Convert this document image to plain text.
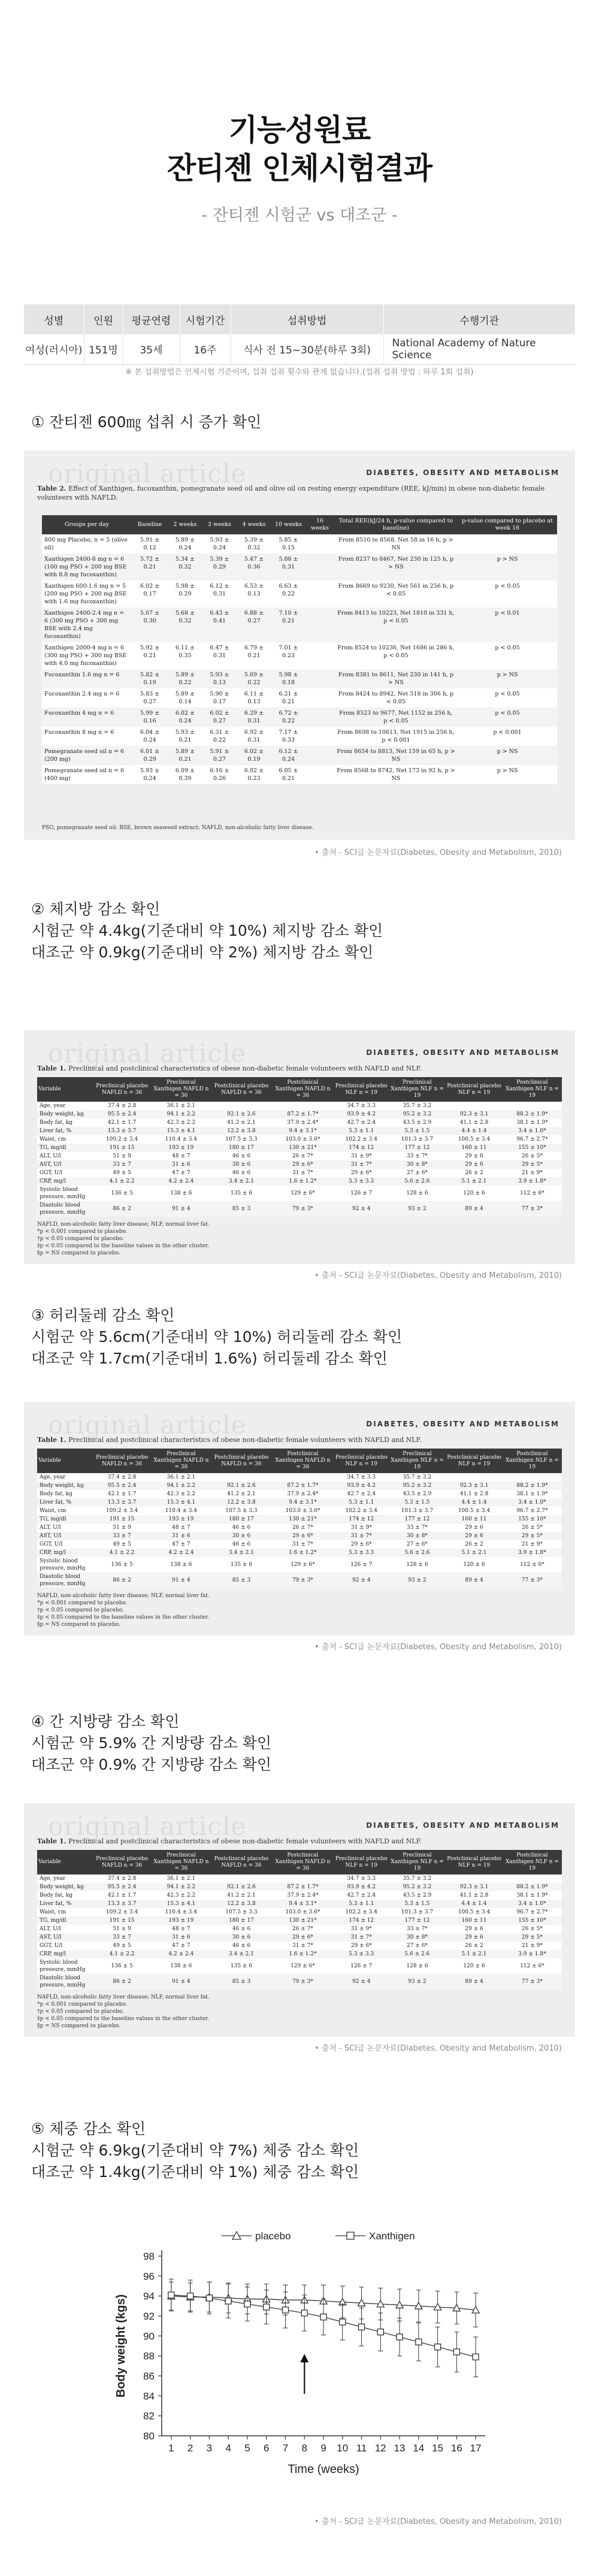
기능성원료
잔티젠 인체시험결과
- 잔티젠 시험군 vs 대조군 -
성별	인원	평균연령	시험기간	섭취방법	수행기관
여성(러시아)	151명	35세	16주	식사 전 15~30분(하루 3회)	National Academy of Nature Science
※ 본 섭취방법은 인체시험 기준이며, 섭취 섭취 횟수와 관계 없습니다.(섭취 섭취 방법 : 하루 1회 섭취)
① 잔티젠 600㎎ 섭취 시 증가 확인
original article	DIABETES, OBESITY AND METABOLISM
Table 2. Effect of Xanthigen, fucoxanthin, pomegranate seed oil and olive oil on resting energy expenditure (REE, kJ/min) in obese non-diabetic female volunteers with NAFLD.
Groups per day	Baseline	2 weeks	3 weeks	4 weeks	10 weeks	16 weeks	Total REE(kJ/24 h, p-value compared to baseline)	p-value compared to placebo at week 16
800 mg Placebo, n = 5 (olive oil)	5.91 ± 0.12	5.89 ± 0.24	5.93 ± 0.24	5.39 ± 0.32	5.85 ± 0.15		From 8510 to 8568, Net 58 in 16 h, p > NS	
Xanthigen 2400-8 mg n = 6 (100 mg PSO + 200 mg BSE with 8.8 mg fucoxanthin)	5.72 ± 0.21	5.34 ± 0.32	5.39 ± 0.29	5.47 ± 0.36	5.88 ± 0.31		From 8237 to 8467, Net 230 in 125 h, p > NS	p > NS
Xanthigen 600-1.6 mg n = 5 (200 mg PSO + 200 mg BSE with 1.6 mg fucoxanthin)	6.02 ± 0.17	5.98 ± 0.29	6.12 ± 0.31	6.53 ± 0.13	6.63 ± 0.22		From 8669 to 9230, Net 561 in 256 h, p < 0.05	p < 0.05
Xanthigen 2400-2.4 mg n = 6 (300 mg PSO + 300 mg BSE with 2.4 mg fucoxanthin)	5.67 ± 0.30	5.68 ± 0.32	6.43 ± 0.41	6.88 ± 0.27	7.10 ± 0.21		From 8413 to 10223, Net 1810 in 331 h, p < 0.05	p < 0.01
Xanthigen 2000-4 mg n = 6 (300 mg PSO + 300 mg BSE with 4.0 mg fucoxanthin)	5.92 ± 0.21	6.11 ± 0.35	6.47 ± 0.31	6.79 ± 0.21	7.01 ± 0.23		From 8524 to 10236, Net 1686 in 286 h, p < 0.05	p < 0.05
Fucoxanthin 1.6 mg n = 6	5.82 ± 0.19	5.89 ± 0.22	5.93 ± 0.13	5.69 ± 0.22	5.98 ± 0.18		From 8381 to 8611, Net 230 in 141 h, p > NS	p > NS
Fucoxanthin 2.4 mg n = 6	5.83 ± 0.27	5.89 ± 0.14	5.90 ± 0.17	6.11 ± 0.13	6.21 ± 0.21		From 8424 to 8942, Net 518 in 306 h, p < 0.05	p < 0.05
Fucoxanthin 4 mg n = 6	5.99 ± 0.16	6.02 ± 0.24	6.02 ± 0.27	6.29 ± 0.31	6.72 ± 0.22		From 8523 to 9677, Net 1152 in 256 h, p < 0.05	p < 0.05
Fucoxanthin 8 mg n = 6	6.04 ± 0.24	5.93 ± 0.21	6.31 ± 0.22	6.92 ± 0.31	7.17 ± 0.33		From 8698 to 10613, Net 1915 in 256 h, p < 0.001	p < 0.001
Pomegranate seed oil n = 6 (200 mg)	6.01 ± 0.29	5.89 ± 0.21	5.91 ± 0.27	6.02 ± 0.19	6.12 ± 0.24		From 8654 to 8813, Net 159 in 65 h, p > NS	p > NS
Pomegranate seed oil n = 6 (400 mg)	5.93 ± 0.24	6.09 ± 0.39	6.16 ± 0.26	6.02 ± 0.23	6.05 ± 0.21		From 8568 to 8742, Net 173 in 92 h, p > NS	p > NS
PSO, pomegranate seed oil; BSE, brown seaweed extract; NAFLD, non-alcoholic fatty liver disease.
• 출처 - SCI급 논문자료(Diabetes, Obesity and Metabolism, 2010)
② 체지방 감소 확인
시험군 약 4.4kg(기준대비 약 10%) 체지방 감소 확인
대조군 약 0.9kg(기준대비 약 2%) 체지방 감소 확인
original article	DIABETES, OBESITY AND METABOLISM
Table 1. Preclinical and postclinical characteristics of obese non-diabetic female volunteers with NAFLD and NLF.
Variable	Preclinical placebo NAFLD n = 36	Preclinical Xanthigen NAFLD n = 36	Postclinical placebo NAFLD n = 36	Postclinical Xanthigen NAFLD n = 36	Preclinical placebo NLF n = 19	Preclinical Xanthigen NLF n = 19	Postclinical placebo NLF n = 19	Postclinical Xanthigen NLF n = 19
Age, year	37.4 ± 2.8	36.1 ± 2.1			34.7 ± 3.3	35.7 ± 3.2		
Body weight, kg	95.5 ± 2.4	94.1 ± 2.2	92.1 ± 2.6	87.2 ± 1.7*	93.9 ± 4.2	95.2 ± 3.2	92.3 ± 3.1	88.2 ± 1.9*
Body fat, kg	42.1 ± 1.7	42.3 ± 2.2	41.2 ± 2.1	37.9 ± 2.4*	42.7 ± 2.4	43.5 ± 2.9	41.1 ± 2.8	38.1 ± 1.9*
Liver fat, %	13.3 ± 3.7	15.3 ± 4.1	12.2 ± 3.8	9.4 ± 3.1*	5.3 ± 1.1	5.3 ± 1.5	4.4 ± 1.4	3.4 ± 1.0*
Waist, cm	109.2 ± 3.4	110.4 ± 3.4	107.5 ± 3.3	103.0 ± 3.6*	102.2 ± 3.4	101.3 ± 3.7	100.5 ± 3.4	96.7 ± 2.7*
TG, mg/dl	191 ± 15	193 ± 19	180 ± 17	130 ± 21*	174 ± 12	177 ± 12	160 ± 11	155 ± 10*
ALT, U/l	51 ± 9	48 ± 7	46 ± 6	26 ± 7*	31 ± 9*	33 ± 7*	29 ± 6	26 ± 5*
AST, U/l	33 ± 7	31 ± 6	30 ± 6	29 ± 6*	31 ± 7*	30 ± 8*	29 ± 6	29 ± 5*
GGT, U/l	49 ± 5	47 ± 7	46 ± 6	31 ± 7*	29 ± 6*	27 ± 6*	26 ± 2	21 ± 9*
CRP, mg/l	4.1 ± 2.2	4.2 ± 2.4	3.4 ± 2.1	1.6 ± 1.2*	5.3 ± 3.3	5.6 ± 2.6	5.1 ± 2.1	3.9 ± 1.8*
Systolic blood pressure, mmHg	136 ± 5	138 ± 6	135 ± 6	129 ± 6*	126 ± 7	128 ± 6	120 ± 6	112 ± 6*
Diastolic blood pressure, mmHg	86 ± 2	91 ± 4	85 ± 3	79 ± 3*	92 ± 4	93 ± 2	89 ± 4	77 ± 3*
NAFLD, non-alcoholic fatty liver disease; NLF, normal liver fat.
*p < 0.001 compared to placebo.
†p < 0.05 compared to placebo.
‡p < 0.05 compared to the baseline values in the other cluster.
§p = NS compared to placebo.
• 출처 - SCI급 논문자료(Diabetes, Obesity and Metabolism, 2010)
③ 허리둘레 감소 확인
시험군 약 5.6cm(기준대비 약 10%) 허리둘레 감소 확인
대조군 약 1.7cm(기준대비 1.6%) 허리둘레 감소 확인
original article	DIABETES, OBESITY AND METABOLISM
Table 1. Preclinical and postclinical characteristics of obese non-diabetic female volunteers with NAFLD and NLF.
Variable	Preclinical placebo NAFLD n = 36	Preclinical Xanthigen NAFLD n = 36	Postclinical placebo NAFLD n = 36	Postclinical Xanthigen NAFLD n = 36	Preclinical placebo NLF n = 19	Preclinical Xanthigen NLF n = 19	Postclinical placebo NLF n = 19	Postclinical Xanthigen NLF n = 19
Age, year	37.4 ± 2.8	36.1 ± 2.1			34.7 ± 3.3	35.7 ± 3.2		
Body weight, kg	95.5 ± 2.4	94.1 ± 2.2	92.1 ± 2.6	87.2 ± 1.7*	93.9 ± 4.2	95.2 ± 3.2	92.3 ± 3.1	88.2 ± 1.9*
Body fat, kg	42.1 ± 1.7	42.3 ± 2.2	41.2 ± 2.1	37.9 ± 2.4*	42.7 ± 2.4	43.5 ± 2.9	41.1 ± 2.8	38.1 ± 1.9*
Liver fat, %	13.3 ± 3.7	15.3 ± 4.1	12.2 ± 3.8	9.4 ± 3.1*	5.3 ± 1.1	5.3 ± 1.5	4.4 ± 1.4	3.4 ± 1.0*
Waist, cm	109.2 ± 3.4	110.4 ± 3.4	107.5 ± 3.3	103.0 ± 3.6*	102.2 ± 3.4	101.3 ± 3.7	100.5 ± 3.4	96.7 ± 2.7*
TG, mg/dl	191 ± 15	193 ± 19	180 ± 17	130 ± 21*	174 ± 12	177 ± 12	160 ± 11	155 ± 10*
ALT, U/l	51 ± 9	48 ± 7	46 ± 6	26 ± 7*	31 ± 9*	33 ± 7*	29 ± 6	26 ± 5*
AST, U/l	33 ± 7	31 ± 6	30 ± 6	29 ± 6*	31 ± 7*	30 ± 8*	29 ± 6	29 ± 5*
GGT, U/l	49 ± 5	47 ± 7	46 ± 6	31 ± 7*	29 ± 6*	27 ± 6*	26 ± 2	21 ± 9*
CRP, mg/l	4.1 ± 2.2	4.2 ± 2.4	3.4 ± 2.1	1.6 ± 1.2*	5.3 ± 3.3	5.6 ± 2.6	5.1 ± 2.1	3.9 ± 1.8*
Systolic blood pressure, mmHg	136 ± 5	138 ± 6	135 ± 6	129 ± 6*	126 ± 7	128 ± 6	120 ± 6	112 ± 6*
Diastolic blood pressure, mmHg	86 ± 2	91 ± 4	85 ± 3	79 ± 3*	92 ± 4	93 ± 2	89 ± 4	77 ± 3*
NAFLD, non-alcoholic fatty liver disease; NLF, normal liver fat.
*p < 0.001 compared to placebo.
†p < 0.05 compared to placebo.
‡p < 0.05 compared to the baseline values in the other cluster.
§p = NS compared to placebo.
• 출처 - SCI급 논문자료(Diabetes, Obesity and Metabolism, 2010)
④ 간 지방량 감소 확인
시험군 약 5.9% 간 지방량 감소 확인
대조군 약 0.9% 간 지방량 감소 확인
original article	DIABETES, OBESITY AND METABOLISM
Table 1. Preclinical and postclinical characteristics of obese non-diabetic female volunteers with NAFLD and NLF.
Variable	Preclinical placebo NAFLD n = 36	Preclinical Xanthigen NAFLD n = 36	Postclinical placebo NAFLD n = 36	Postclinical Xanthigen NAFLD n = 36	Preclinical placebo NLF n = 19	Preclinical Xanthigen NLF n = 19	Postclinical placebo NLF n = 19	Postclinical Xanthigen NLF n = 19
Age, year	37.4 ± 2.8	36.1 ± 2.1			34.7 ± 3.3	35.7 ± 3.2		
Body weight, kg	95.5 ± 2.4	94.1 ± 2.2	92.1 ± 2.6	87.2 ± 1.7*	93.9 ± 4.2	95.2 ± 3.2	92.3 ± 3.1	88.2 ± 1.9*
Body fat, kg	42.1 ± 1.7	42.3 ± 2.2	41.2 ± 2.1	37.9 ± 2.4*	42.7 ± 2.4	43.5 ± 2.9	41.1 ± 2.8	38.1 ± 1.9*
Liver fat, %	13.3 ± 3.7	15.3 ± 4.1	12.2 ± 3.8	9.4 ± 3.1*	5.3 ± 1.1	5.3 ± 1.5	4.4 ± 1.4	3.4 ± 1.0*
Waist, cm	109.2 ± 3.4	110.4 ± 3.4	107.5 ± 3.3	103.0 ± 3.6*	102.2 ± 3.4	101.3 ± 3.7	100.5 ± 3.4	96.7 ± 2.7*
TG, mg/dl	191 ± 15	193 ± 19	180 ± 17	130 ± 21*	174 ± 12	177 ± 12	160 ± 11	155 ± 10*
ALT, U/l	51 ± 9	48 ± 7	46 ± 6	26 ± 7*	31 ± 9*	33 ± 7*	29 ± 6	26 ± 5*
AST, U/l	33 ± 7	31 ± 6	30 ± 6	29 ± 6*	31 ± 7*	30 ± 8*	29 ± 6	29 ± 5*
GGT, U/l	49 ± 5	47 ± 7	46 ± 6	31 ± 7*	29 ± 6*	27 ± 6*	26 ± 2	21 ± 9*
CRP, mg/l	4.1 ± 2.2	4.2 ± 2.4	3.4 ± 2.1	1.6 ± 1.2*	5.3 ± 3.3	5.6 ± 2.6	5.1 ± 2.1	3.9 ± 1.8*
Systolic blood pressure, mmHg	136 ± 5	138 ± 6	135 ± 6	129 ± 6*	126 ± 7	128 ± 6	120 ± 6	112 ± 6*
Diastolic blood pressure, mmHg	86 ± 2	91 ± 4	85 ± 3	79 ± 3*	92 ± 4	93 ± 2	89 ± 4	77 ± 3*
NAFLD, non-alcoholic fatty liver disease; NLF, normal liver fat.
*p < 0.001 compared to placebo.
†p < 0.05 compared to placebo.
‡p < 0.05 compared to the baseline values in the other cluster.
§p = NS compared to placebo.
• 출처 - SCI급 논문자료(Diabetes, Obesity and Metabolism, 2010)
⑤ 체중 감소 확인
시험군 약 6.9kg(기준대비 약 7%) 체중 감소 확인
대조군 약 1.4kg(기준대비 약 1%) 체중 감소 확인
80
82
84
86
88
90
92
94
96
98
1 2 3 4 5 6 7 8 9 10 11 12 13 14 15 16 17
Time (weeks)
Body weight (kgs)
placebo	Xanthigen
• 출처 - SCI급 논문자료(Diabetes, Obesity and Metabolism, 2010)
